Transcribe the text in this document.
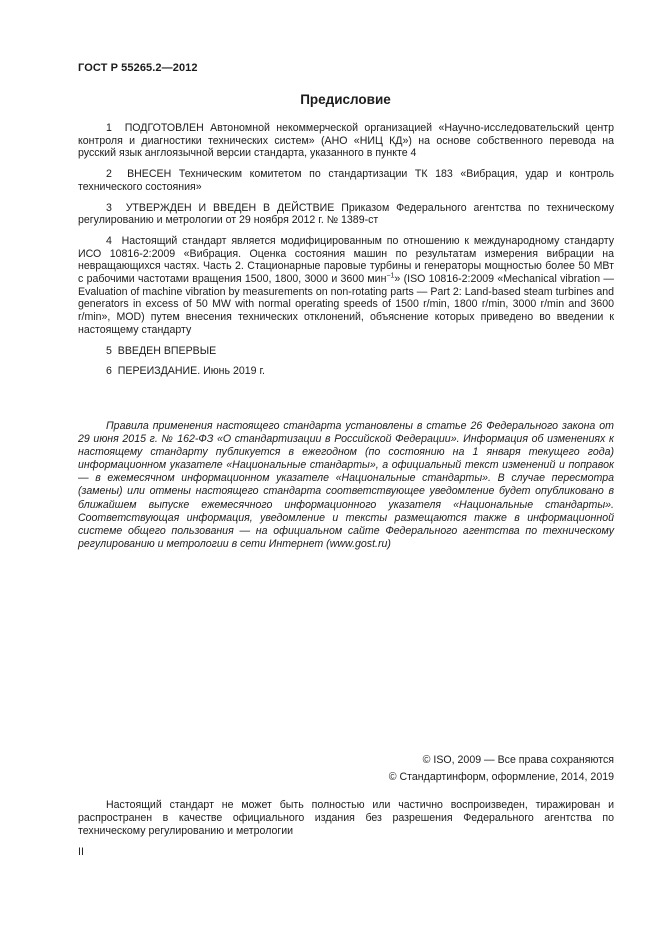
ГОСТ Р 55265.2—2012
Предисловие

1 ПОДГОТОВЛЕН Автономной некоммерческой организацией «Научно-исследовательский центр контроля и диагностики технических систем» (АНО «НИЦ КД») на основе собственного перевода на русский язык англоязычной версии стандарта, указанного в пункте 4

2 ВНЕСЕН Техническим комитетом по стандартизации ТК 183 «Вибрация, удар и контроль технического состояния»

3 УТВЕРЖДЕН И ВВЕДЕН В ДЕЙСТВИЕ Приказом Федерального агентства по техническому регулированию и метрологии от 29 ноября 2012 г. № 1389-ст

4 Настоящий стандарт является модифицированным по отношению к международному стандарту ИСО 10816-2:2009 «Вибрация. Оценка состояния машин по результатам измерения вибрации на невращающихся частях. Часть 2. Стационарные паровые турбины и генераторы мощностью более 50 МВт с рабочими частотами вращения 1500, 1800, 3000 и 3600 мин$^{-1}$» (ISO 10816-2:2009 «Mechanical vibration — Evaluation of machine vibration by measurements on non-rotating parts — Part 2: Land-based steam turbines and generators in excess of 50 MW with normal operating speeds of 1500 r/min, 1800 r/min, 3000 r/min and 3600 r/min», MOD) путем внесения технических отклонений, объяснение которых приведено во введении к настоящему стандарту

5 ВВЕДЕН ВПЕРВЫЕ

6 ПЕРЕИЗДАНИЕ. Июнь 2019 г.

Правила применения настоящего стандарта установлены в статье 26 Федерального закона от 29 июня 2015 г. № 162-ФЗ «О стандартизации в Российской Федерации». Информация об изменениях к настоящему стандарту публикуется в ежегодном (по состоянию на 1 января текущего года) информационном указателе «Национальные стандарты», а официальный текст изменений и поправок — в ежемесячном информационном указателе «Национальные стандарты». В случае пересмотра (замены) или отмены настоящего стандарта соответствующее уведомление будет опубликовано в ближайшем выпуске ежемесячного информационного указателя «Национальные стандарты». Соответствующая информация, уведомление и тексты размещаются также в информационной системе общего пользования — на официальном сайте Федерального агентства по техническому регулированию и метрологии в сети Интернет (www.gost.ru)
© ISO, 2009 — Все права сохраняются
© Стандартинформ, оформление, 2014, 2019
Настоящий стандарт не может быть полностью или частично воспроизведен, тиражирован и распространен в качестве официального издания без разрешения Федерального агентства по техническому регулированию и метрологии
II
